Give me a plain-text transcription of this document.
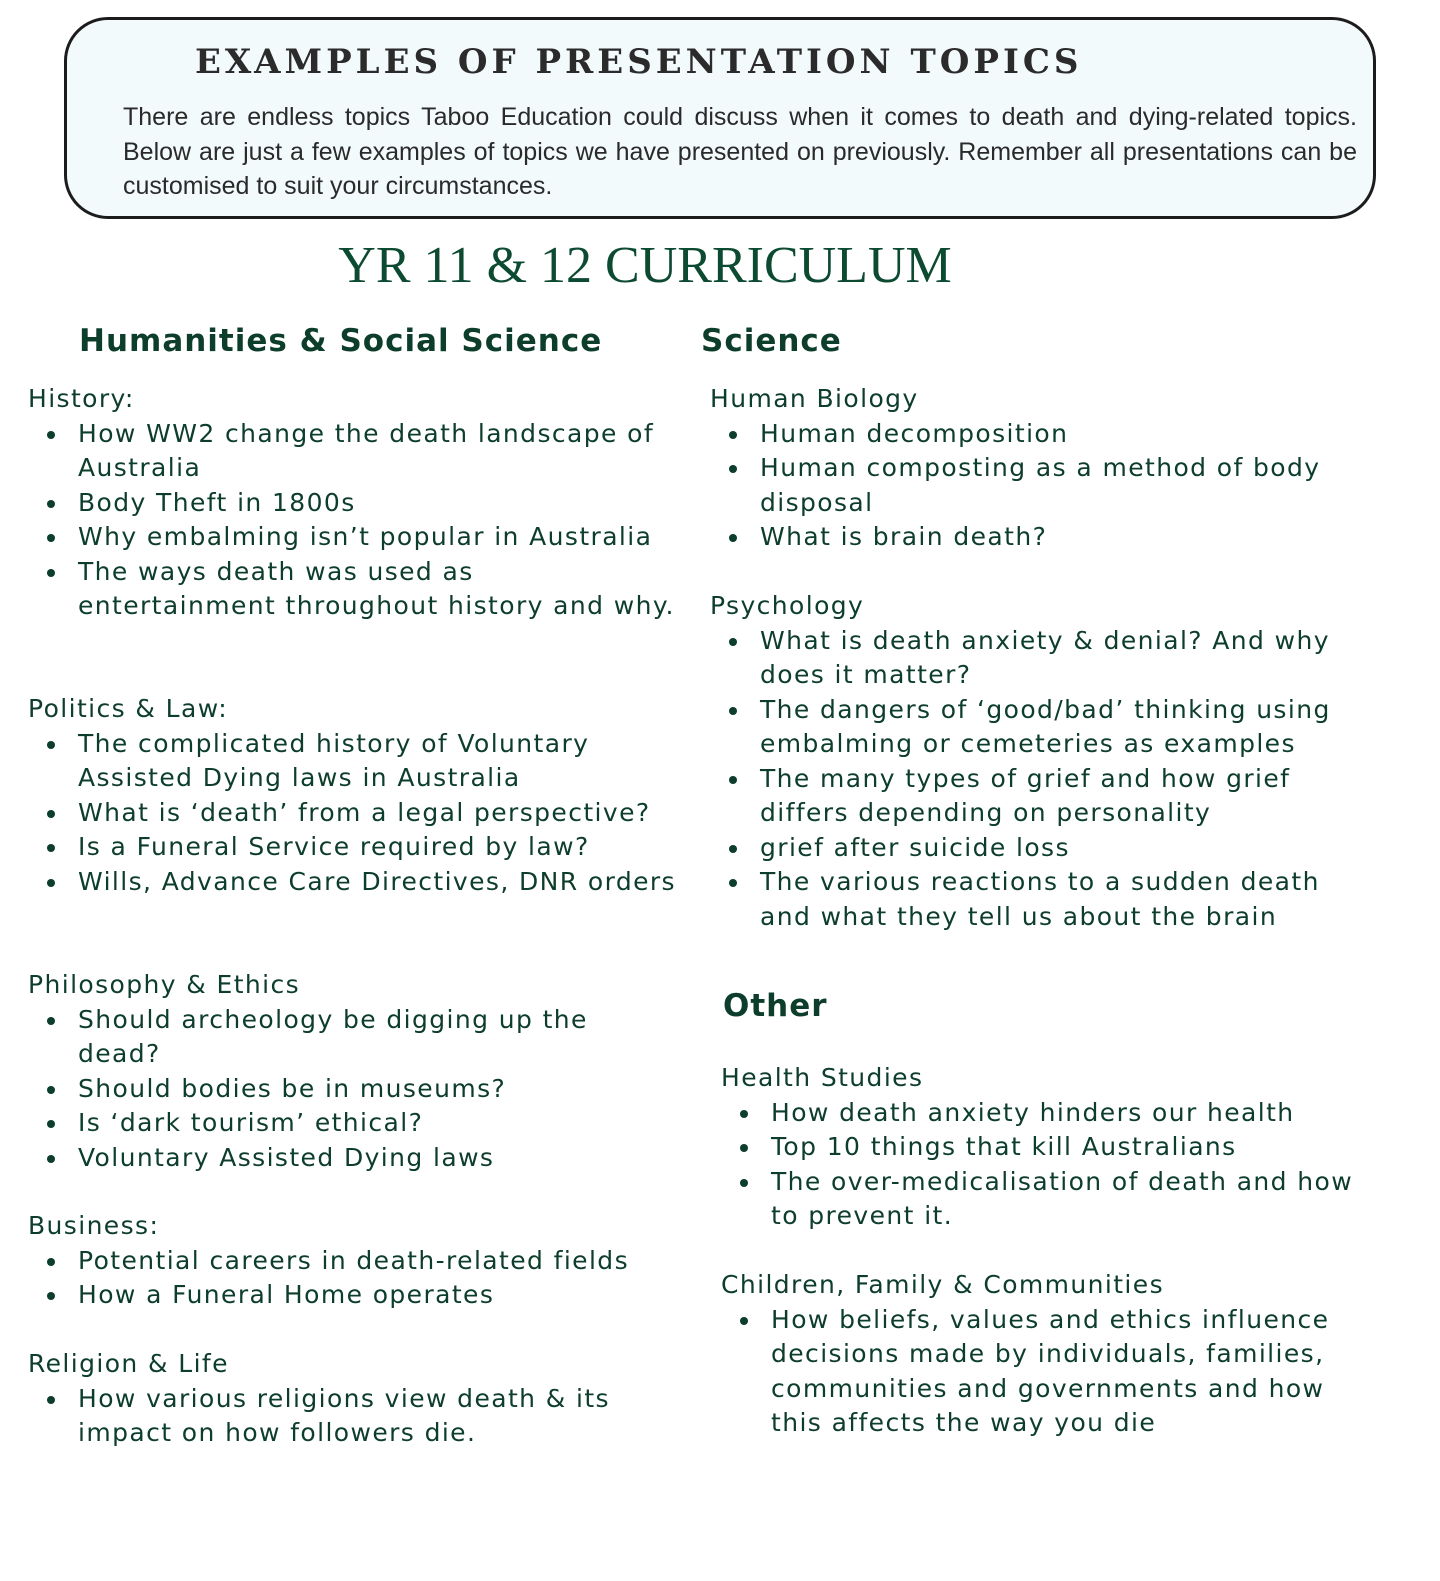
EXAMPLES OF PRESENTATION TOPICS

There are endless topics Taboo Education could discuss when it comes to death and dying-related topics. Below are just a few examples of topics we have presented on previously. Remember all presentations can be customised to suit your circumstances.

YR 11 & 12 CURRICULUM
Humanities & Social Science	Science
Other

History:

How WW2 change the death landscape of Australia
Body Theft in 1800s
Why embalming isn’t popular in Australia
The ways death was used as entertainment throughout history and why.

Politics & Law:

The complicated history of Voluntary Assisted Dying laws in Australia
What is ‘death’ from a legal perspective?
Is a Funeral Service required by law?
Wills, Advance Care Directives, DNR orders

Philosophy & Ethics

Should archeology be digging up the dead?
Should bodies be in museums?
Is ‘dark tourism’ ethical?
Voluntary Assisted Dying laws

Business:

Potential careers in death-related fields
How a Funeral Home operates

Religion & Life

How various religions view death & its impact on how followers die.

Human Biology

Human decomposition
Human composting as a method of body disposal
What is brain death?

Psychology

What is death anxiety & denial? And why does it matter?
The dangers of ‘good/bad’ thinking using embalming or cemeteries as examples
The many types of grief and how grief differs depending on personality
grief after suicide loss
The various reactions to a sudden death and what they tell us about the brain

Health Studies

How death anxiety hinders our health
Top 10 things that kill Australians
The over-medicalisation of death and how to prevent it.

Children, Family & Communities

How beliefs, values and ethics influence decisions made by individuals, families, communities and governments and how this affects the way you die
